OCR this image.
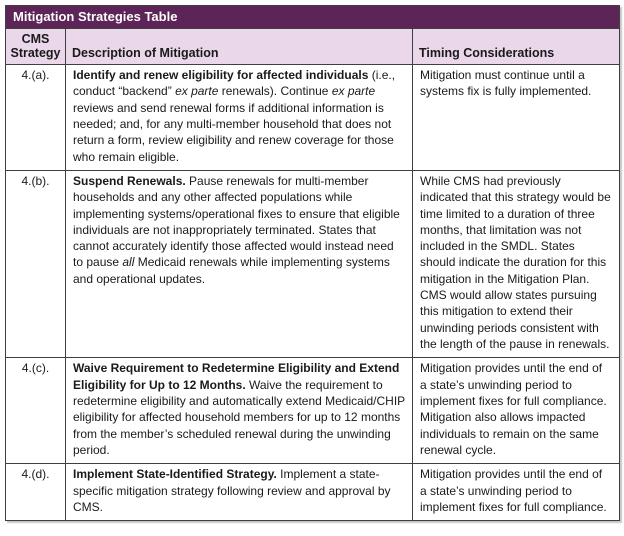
Mitigation Strategies Table		
CMS Strategy	Description of Mitigation	Timing Considerations
4.(a).	Identify and renew eligibility for affected individuals (i.e., conduct “backend” ex parte renewals). Continue ex parte reviews and send renewal forms if additional information is needed; and, for any multi-member household that does not return a form, review eligibility and renew coverage for those who remain eligible.	Mitigation must continue until a systems fix is fully implemented.
4.(b).	Suspend Renewals. Pause renewals for multi-member households and any other affected populations while implementing systems/operational fixes to ensure that eligible individuals are not inappropriately terminated. States that cannot accurately identify those affected would instead need to pause all Medicaid renewals while implementing systems and operational updates.	While CMS had previously indicated that this strategy would be time limited to a duration of three months, that limitation was not included in the SMDL. States should indicate the duration for this mitigation in the Mitigation Plan. CMS would allow states pursuing this mitigation to extend their unwinding periods consistent with the length of the pause in renewals.
4.(c).	Waive Requirement to Redetermine Eligibility and Extend Eligibility for Up to 12 Months. Waive the requirement to redetermine eligibility and automatically extend Medicaid/CHIP eligibility for affected household members for up to 12 months from the member’s scheduled renewal during the unwinding period.	Mitigation provides until the end of a state’s unwinding period to implement fixes for full compliance. Mitigation also allows impacted individuals to remain on the same renewal cycle.
4.(d).	Implement State-Identified Strategy. Implement a state-specific mitigation strategy following review and approval by CMS.	Mitigation provides until the end of a state’s unwinding period to implement fixes for full compliance.
